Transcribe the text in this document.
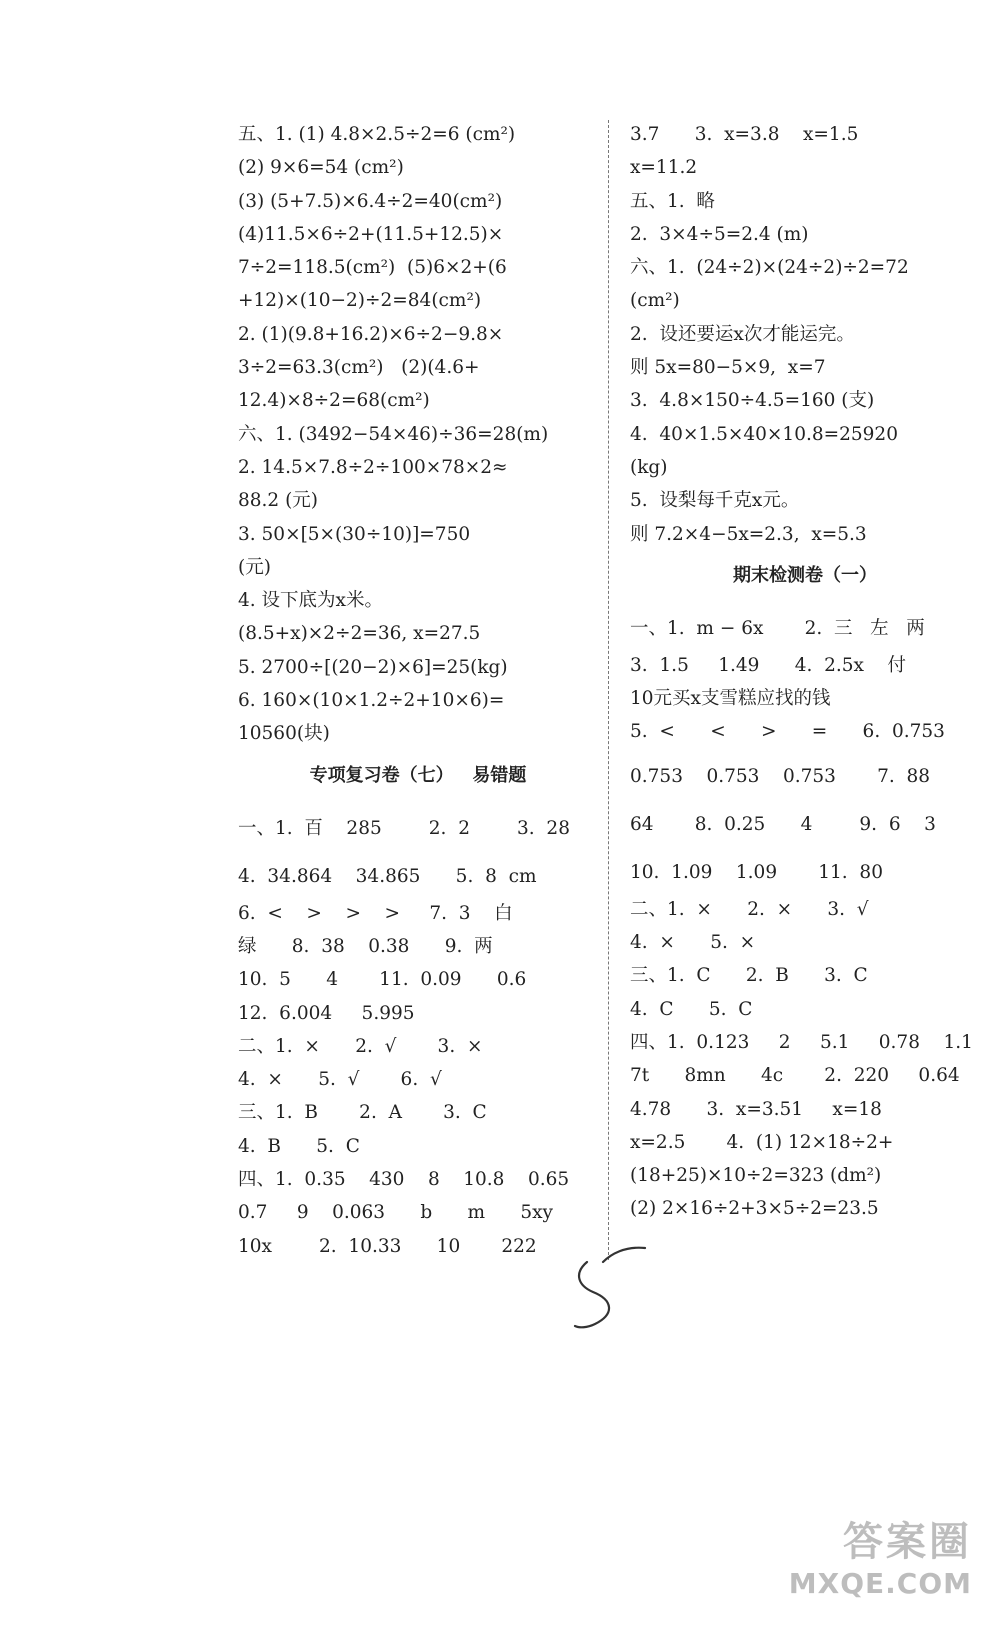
五、1. (1) 4.8×2.5÷2=6 (cm²)
(2) 9×6=54 (cm²)
(3) (5+7.5)×6.4÷2=40(cm²)
(4)11.5×6÷2+(11.5+12.5)×
7÷2=118.5(cm²)  (5)6×2+(6
+12)×(10−2)÷2=84(cm²)
2. (1)(9.8+16.2)×6÷2−9.8×
3÷2=63.3(cm²)   (2)(4.6+
12.4)×8÷2=68(cm²)
六、1. (3492−54×46)÷36=28(m)
2. 14.5×7.8÷2÷100×78×2≈
88.2 (元)
3. 50×[5×(30÷10)]=750
(元)
4. 设下底为x米。
(8.5+x)×2÷2=36, x=27.5
5. 2700÷[(20−2)×6]=25(kg)
6. 160×(10×1.2÷2+10×6)=
10560(块)
专项复习卷（七）   易错题
一、1.  百    285        2.  2        3.  28
4.  34.864    34.865      5.  8  cm
6.  <    >    >    >     7.  3    白
绿      8.  38    0.38      9.  两
10.  5      4       11.  0.09      0.6
12.  6.004     5.995
二、1.  ×      2.  √       3.  ×
4.  ×      5.  √       6.  √
三、1.  B       2.  A       3.  C
4.  B      5.  C
四、1.  0.35    430    8    10.8    0.65
0.7     9    0.063      b      m      5xy
10x        2.  10.33      10       222
3.7      3.  x=3.8    x=1.5
x=11.2
五、1.  略
2.  3×4÷5=2.4 (m)
六、1.  (24÷2)×(24÷2)÷2=72
(cm²)
2.  设还要运x次才能运完。
则 5x=80−5×9,  x=7
3.  4.8×150÷4.5=160 (支)
4.  40×1.5×40×10.8=25920
(kg)
5.  设梨每千克x元。
则 7.2×4−5x=2.3,  x=5.3
期末检测卷（一）
一、1.  m − 6x       2.  三   左   两
3.  1.5     1.49      4.  2.5x    付
10元买x支雪糕应找的钱
5.  <      <      >      =      6.  0.753
0.753    0.753    0.753       7.  88
64       8.  0.25      4        9.  6    3
10.  1.09    1.09       11.  80
二、1.  ×      2.  ×      3.  √
4.  ×      5.  ×
三、1.  C      2.  B      3.  C
4.  C      5.  C
四、1.  0.123     2     5.1     0.78    1.1
7t      8mn      4c       2.  220     0.64
4.78      3.  x=3.51     x=18
x=2.5       4.  (1) 12×18÷2+
(18+25)×10÷2=323 (dm²)
(2) 2×16÷2+3×5÷2=23.5
答案圈
MXQE.COM
